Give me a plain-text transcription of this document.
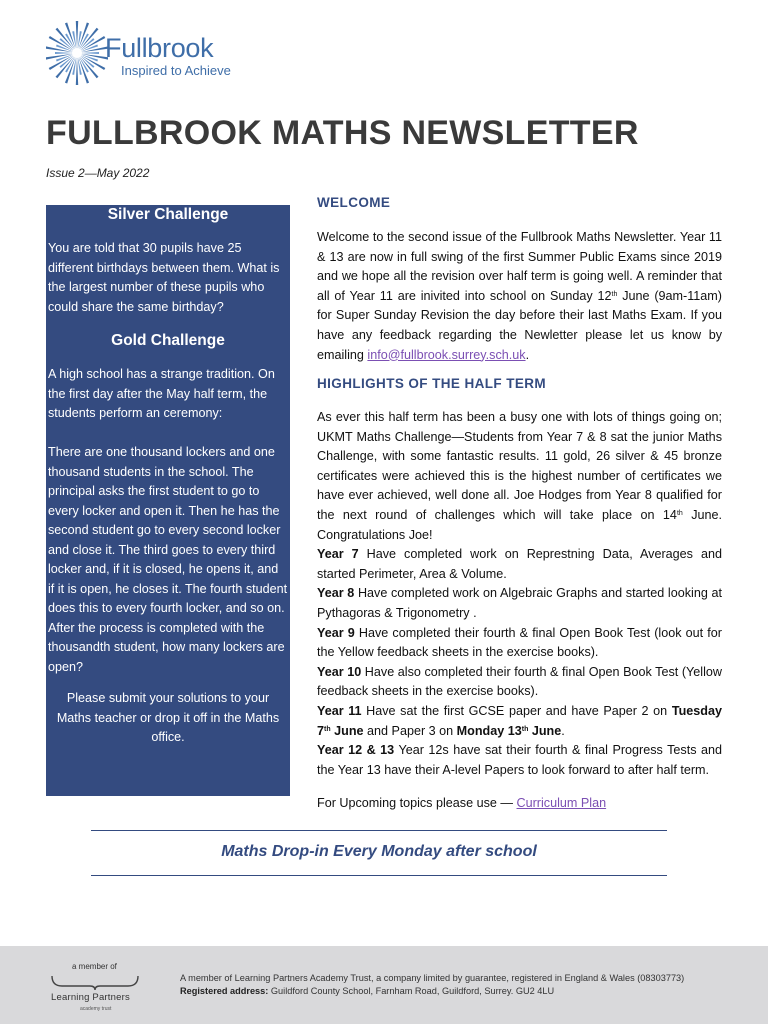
Fullbrook
Inspired to Achieve
FULLBROOK MATHS NEWSLETTER
Issue 2—May 2022
Silver Challenge

You are told that 30 pupils have 25 different birthdays between them. What is the largest number of these pupils who could share the same birthday?

Gold Challenge

A high school has a strange tradition. On the first day after the May half term, the students perform an ceremony:

There are one thousand lockers and one thousand students in the school. The principal asks the first student to go to every locker and open it. Then he has the second student go to every second locker and close it. The third goes to every third locker and, if it is closed, he opens it, and if it is open, he closes it. The fourth student does this to every fourth locker, and so on. After the process is completed with the thousandth student, how many lockers are open?

Please submit your solutions to your Maths teacher or drop it off in the Maths office.

WELCOME

Welcome to the second issue of the Fullbrook Maths Newsletter. Year 11 & 13 are now in full swing of the first Summer Public Exams since 2019 and we hope all the revision over half term is going well. A reminder that all of Year 11 are inivited into school on Sunday 12th June (9am-11am) for Super Sunday Revision the day before their last Maths Exam. If you have any feedback regarding the Newletter please let us know by emailing info@fullbrook.surrey.sch.uk.

HIGHLIGHTS OF THE HALF TERM
As ever this half term has been a busy one with lots of things going on; UKMT Maths Challenge—Students from Year 7 & 8 sat the junior Maths Challenge, with some fantastic results. 11 gold, 26 silver & 45 bronze certificates were achieved this is the highest number of certificates we have ever achieved, well done all. Joe Hodges from Year 8 qualified for the next round of challenges which will take place on 14th June. Congratulations Joe!
Year 7 Have completed work on Represtning Data, Averages and started Perimeter, Area & Volume.
Year 8 Have completed work on Algebraic Graphs and started looking at Pythagoras & Trigonometry .
Year 9 Have completed their fourth & final Open Book Test (look out for the Yellow feedback sheets in the exercise books).
Year 10 Have also completed their fourth & final Open Book Test (Yellow feedback sheets in the exercise books).
Year 11 Have sat the first GCSE paper and have Paper 2 on Tuesday 7th June and Paper 3 on Monday 13th June.
Year 12 & 13 Year 12s have sat their fourth & final Progress Tests and the Year 13 have their A-level Papers to look forward to after half term.
For Upcoming topics please use — Curriculum Plan
Maths Drop-in Every Monday after school
a member of
Learning Partners
academy trust
A member of Learning Partners Academy Trust, a company limited by guarantee, registered in England & Wales (08303773)
Registered address: Guildford County School, Farnham Road, Guildford, Surrey. GU2 4LU
